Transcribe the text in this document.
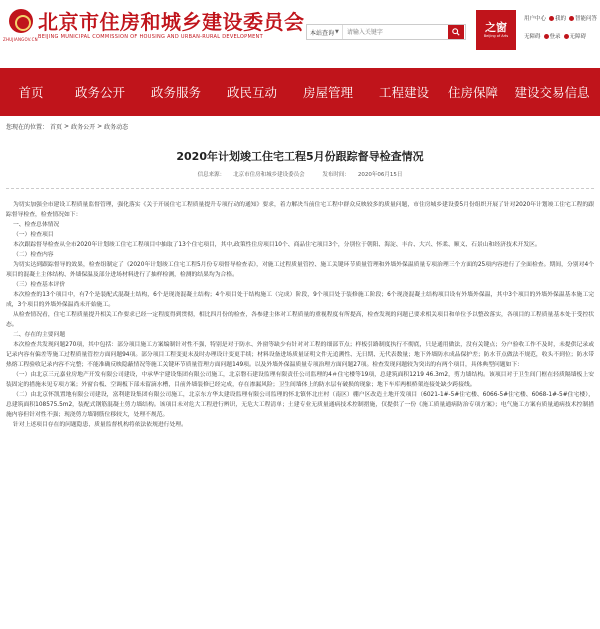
ZHUJIANGOV.CN
北京市住房和城乡建设委员会
BEIJING MUNICIPAL COMMISSION OF HOUSING AND URBAN-RURAL DEVELOPMENT
本站查询 ▼
请输入关键字	之窗
Beijing of Arts
用户中心 我的 智能问答
无障碍 登录 无障碍
首页	政务公开	政务服务	政民互动	房屋管理	工程建设	住房保障	建设交易信息
您现在的位置： 首页 > 政务公开 > 政务动态
2020年计划竣工住宅工程5月份跟踪督导检查情况
信息来源： 北京市住房和城乡建设委员会	发布时间： 2020年06月15日

为切实加强全市建设工程质量监督管理，强化落实《关于开展住宅工程质量提升专项行动的通知》要求，着力解决当前住宅工程中群众反映较多的质量问题，市住房城乡建设委5月份组织开展了针对2020年计划竣工住宅工程的跟踪督导检查，检查情况如下：

一、检查总体情况

（一）检查项目

本次跟踪督导检查从全市2020年计划竣工住宅工程项目中抽取了13个住宅项目，其中,政策性住房项目10个、商品住宅项目3个，分别位于朝阳、海淀、丰台、大兴、怀柔、顺义、石景山和经济技术开发区。

（二）检查内容

为切实达到跟踪督导的效果，检查组制定了《2020年计划竣工住宅工程5月份专项督导检查表》，对施工过程质量管控、施工关键环节质量管理和外墙外保温质量专项治理三个方面的25项内容进行了全面检查。期间，分别对4个项目的混凝土主体结构、外墙保温及部分进场材料进行了抽样检测，检测的结果均为合格。

（三）检查基本评价

本次检查的13个项目中，有7个是装配式混凝土结构，6个是现浇混凝土结构；4个项目处于结构施工（完成）阶段，9个项目处于装修施工阶段；6个现浇混凝土结构项目设有外墙外保温，其中3个项目的外墙外保温基本施工完成，3个项目的外墙外保温尚未开始施工。

从检查情况看，住宅工程质量提升相关工作要求已经一定程度得到贯彻，相比四月份的检查，各参建主体对工程质量的重视程度有所提高，检查发现的问题已要求相关项目和单位予以整改落实，各项目的工程质量基本处于受控状态。

二、存在的主要问题

本次检查共发现问题270项，其中包括：部分项目施工方案编制针对性不强，特别是对于防水、外窗等缺少有针对对工程的细部节点；样板引路制度执行不彻底，只是通用做法，没有关键点；分户验收工作不及时，未提供记录或记录内容有偏差等施工过程质量管控方面问题94项。部分项目工程变更未及时办理设计变更手续；材料设备进场质量证明文件无追溯性、无日期、无代表数量；地下外墙防水成品保护差；防水节点做法不规范，收头不到位；防水带热熔工程验收记录内容不完整；不能准确反映隐蔽情况等施工关键环节质量管理方面问题149项。以及外墙外保温质量专项治理方面问题27项。检查发现问题较为突出的有两个项目，具体典型问题如下：

（一）由北京三元嘉业房地产开发有限公司建设，中承华宇建设集团有限公司施工，北京磐石建设监理有限责任公司监理的4＃住宅楼等19项，总建筑面积1219 46.3m2，剪力墙结构。该项目对于卫生间门框在轻质隔墙板上安装固定的措施未见专项方案；外窗台板、空调板下部未留滴水槽，目前外墙装修已经完成，存在渗漏风险；卫生间墙体上的防水层有破损的现象；地下车库两根桥架连接处缺少跨接线。

（二）由北京怀凯置地有限公司建设，富利建设集团有限公司施工，北京东方华太建设监理有限公司监理的怀北镇怀北庄村（南区）棚户区改造土地开发项目（6021-1#-5#住宅楼、6066-5#住宅楼、6068-1#-5#住宅楼），总建筑面积108575.5m2，装配式钢筋混凝土剪力墙结构。该项目未对危大工程进行辨识，无危大工程清单；土建专业无质量通病技术控制措施，仅提供了一份《施工质量通病防治专项方案》；电气施工方案有质量通病技术控制措施内容但针对性不强；现浇剪力墙钢筋位移较大，处理不规范。

针对上述项目存在的问题隐患，质量监督机构将依法依规进行处理。
